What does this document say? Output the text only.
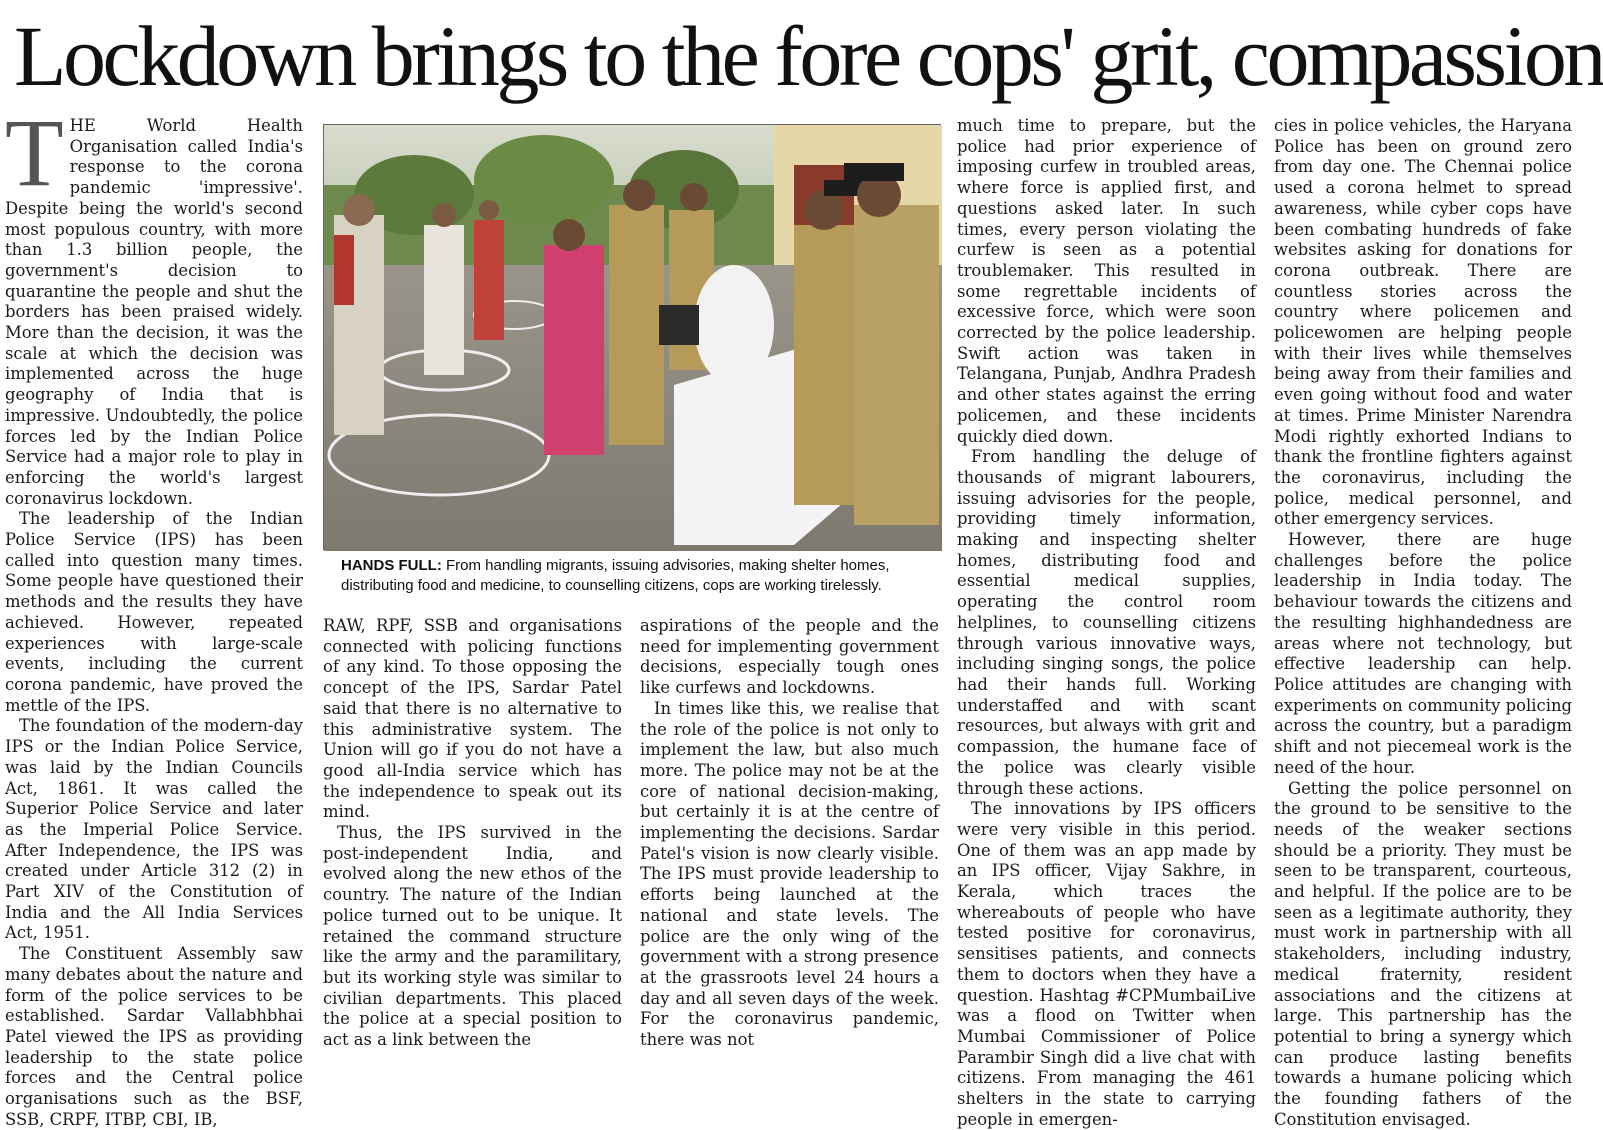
Lockdown brings to the fore cops' grit, compassion

THE World Health Organisation called India's response to the corona pandemic 'impressive'. Despite being the world's second most populous country, with more than 1.3 billion people, the government's decision to quarantine the people and shut the borders has been praised widely. More than the decision, it was the scale at which the decision was implemented across the huge geography of India that is impressive. Undoubtedly, the police forces led by the Indian Police Service had a major role to play in enforcing the world's largest coronavirus lockdown.

The leadership of the Indian Police Service (IPS) has been called into question many times. Some people have questioned their methods and the results they have achieved. However, repeated experiences with large-scale events, including the current corona pandemic, have proved the mettle of the IPS.

The foundation of the modern-day IPS or the Indian Police Service, was laid by the Indian Councils Act, 1861. It was called the Superior Police Service and later as the Imperial Police Service. After Independence, the IPS was created under Article 312 (2) in Part XIV of the Constitution of India and the All India Services Act, 1951.

The Constituent Assembly saw many debates about the nature and form of the police services to be established. Sardar Vallabhbhai Patel viewed the IPS as providing leadership to the state police forces and the Central police organisations such as the BSF, SSB, CRPF, ITBP, CBI, IB,

HANDS FULL: From handling migrants, issuing advisories, making shelter homes, distributing food and medicine, to counselling citizens, cops are working tirelessly.

RAW, RPF, SSB and organisations connected with policing functions of any kind. To those opposing the concept of the IPS, Sardar Patel said that there is no alternative to this administrative system. The Union will go if you do not have a good all-India service which has the independence to speak out its mind.

Thus, the IPS survived in the post-independent India, and evolved along the new ethos of the country. The nature of the Indian police turned out to be unique. It retained the command structure like the army and the paramilitary, but its working style was similar to civilian departments. This placed the police at a special position to act as a link between the

aspirations of the people and the need for implementing government decisions, especially tough ones like curfews and lockdowns.

In times like this, we realise that the role of the police is not only to implement the law, but also much more. The police may not be at the core of national decision-making, but certainly it is at the centre of implementing the decisions. Sardar Patel's vision is now clearly visible. The IPS must provide leadership to efforts being launched at the national and state levels. The police are the only wing of the government with a strong presence at the grassroots level 24 hours a day and all seven days of the week. For the coronavirus pandemic, there was not

much time to prepare, but the police had prior experience of imposing curfew in troubled areas, where force is applied first, and questions asked later. In such times, every person violating the curfew is seen as a potential troublemaker. This resulted in some regrettable incidents of excessive force, which were soon corrected by the police leadership. Swift action was taken in Telangana, Punjab, Andhra Pradesh and other states against the erring policemen, and these incidents quickly died down.

From handling the deluge of thousands of migrant labourers, issuing advisories for the people, providing timely information, making and inspecting shelter homes, distributing food and essential medical supplies, operating the control room helplines, to counselling citizens through various innovative ways, including singing songs, the police had their hands full. Working understaffed and with scant resources, but always with grit and compassion, the humane face of the police was clearly visible through these actions.

The innovations by IPS officers were very visible in this period. One of them was an app made by an IPS officer, Vijay Sakhre, in Kerala, which traces the whereabouts of people who have tested positive for coronavirus, sensitises patients, and connects them to doctors when they have a question. Hashtag #CPMumbaiLive was a flood on Twitter when Mumbai Commissioner of Police Parambir Singh did a live chat with citizens. From managing the 461 shelters in the state to carrying people in emergen-

cies in police vehicles, the Haryana Police has been on ground zero from day one. The Chennai police used a corona helmet to spread awareness, while cyber cops have been combating hundreds of fake websites asking for donations for corona outbreak. There are countless stories across the country where policemen and policewomen are helping people with their lives while themselves being away from their families and even going without food and water at times. Prime Minister Narendra Modi rightly exhorted Indians to thank the frontline fighters against the coronavirus, including the police, medical personnel, and other emergency services.

However, there are huge challenges before the police leadership in India today. The behaviour towards the citizens and the resulting highhandedness are areas where not technology, but effective leadership can help. Police attitudes are changing with experiments on community policing across the country, but a paradigm shift and not piecemeal work is the need of the hour.

Getting the police personnel on the ground to be sensitive to the needs of the weaker sections should be a priority. They must be seen to be transparent, courteous, and helpful. If the police are to be seen as a legitimate authority, they must work in partnership with all stakeholders, including industry, medical fraternity, resident associations and the citizens at large. This partnership has the potential to bring a synergy which can produce lasting benefits towards a humane policing which the founding fathers of the Constitution envisaged.
